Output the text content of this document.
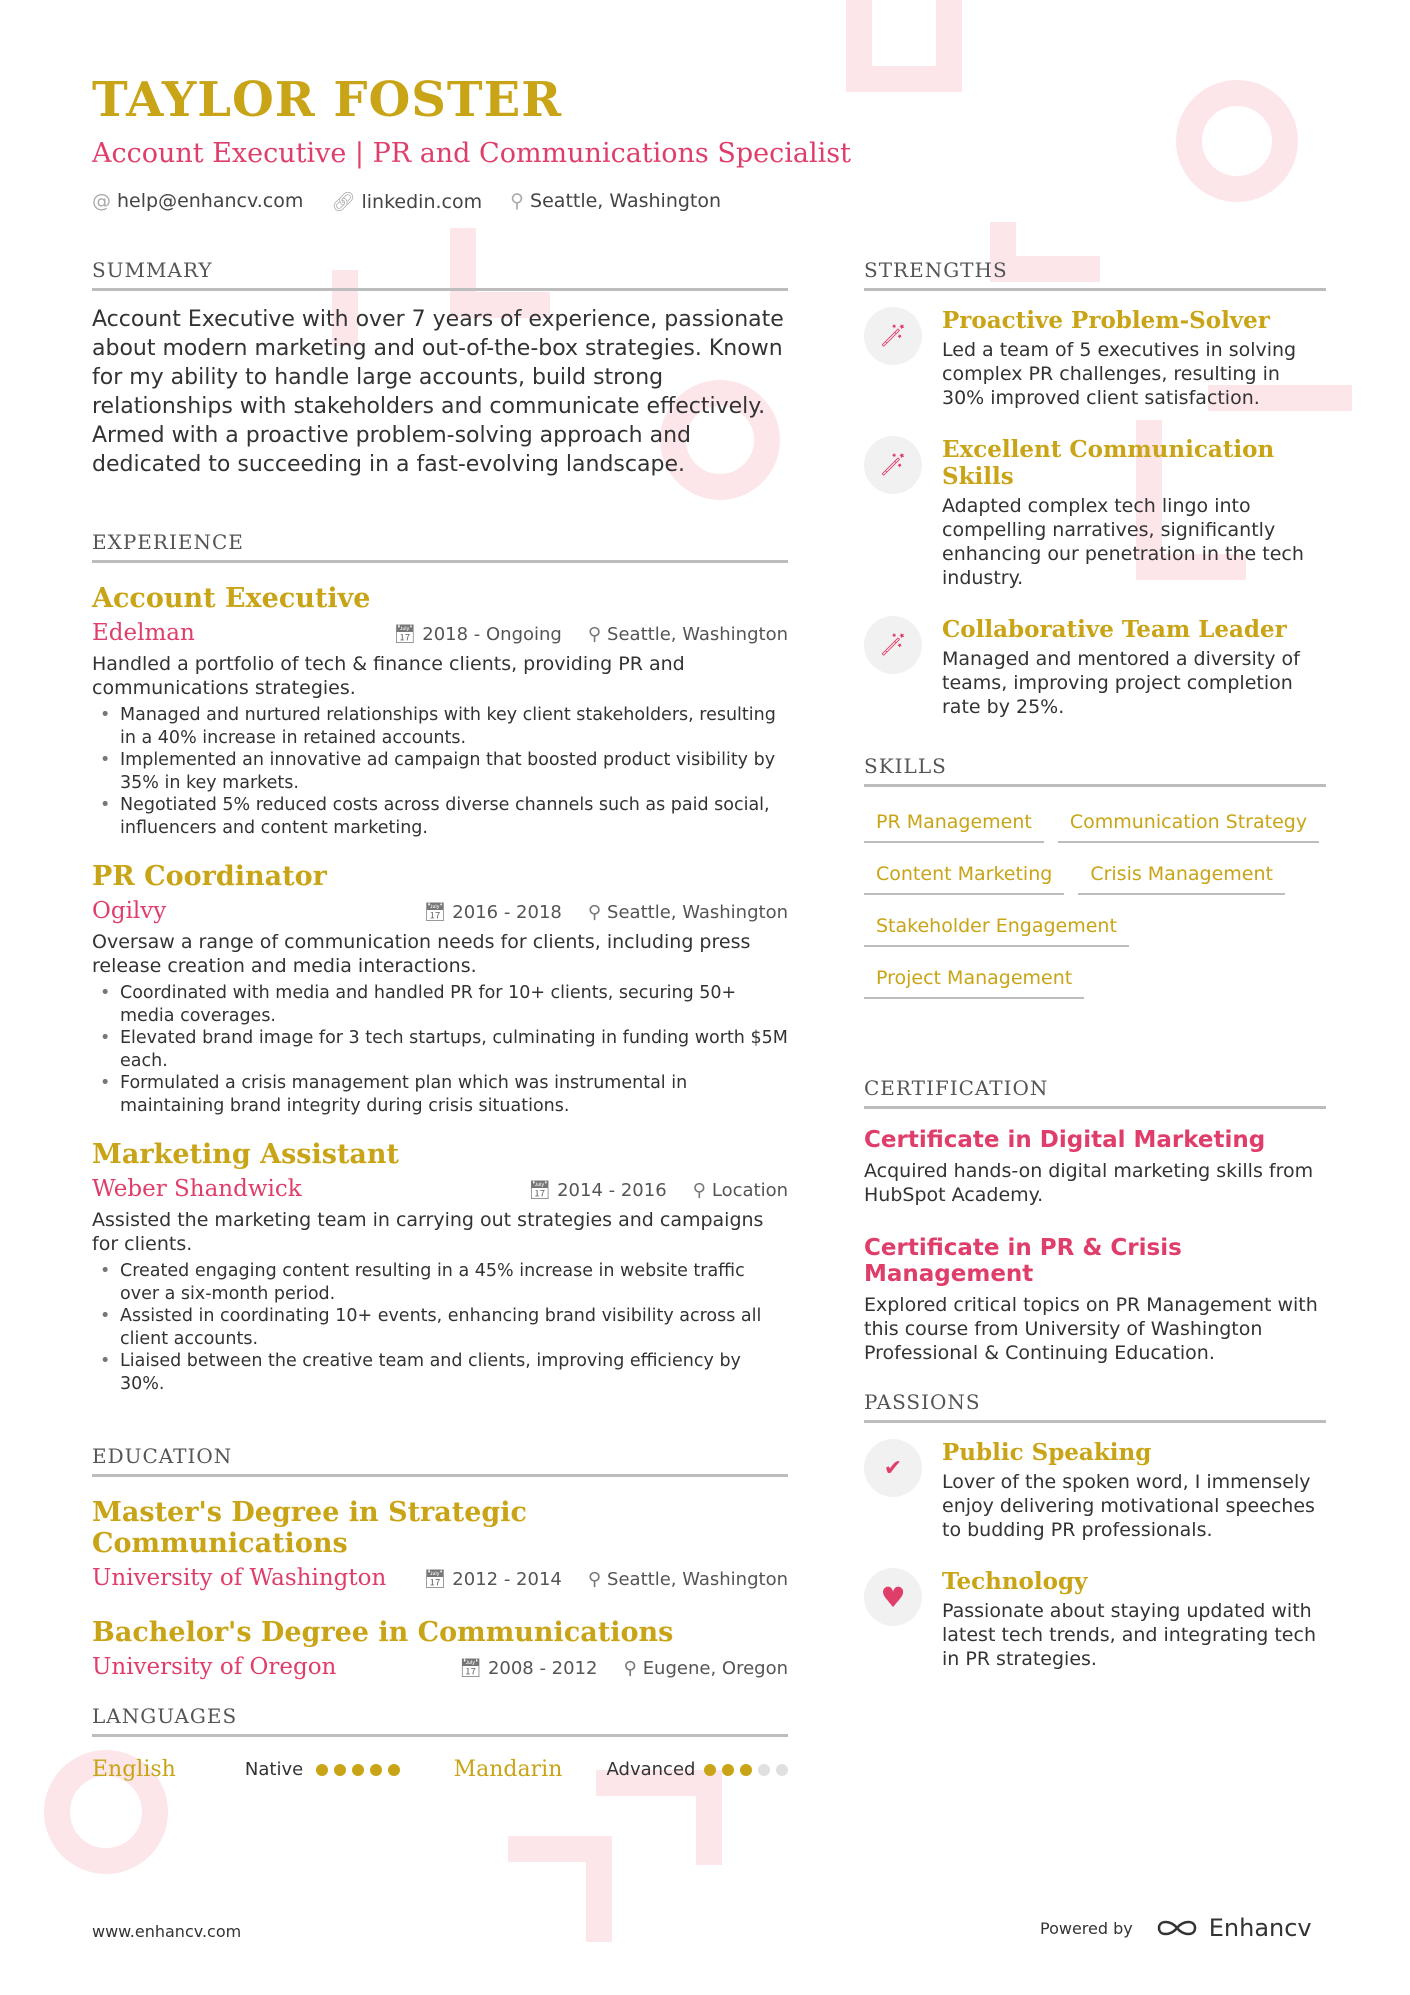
TAYLOR FOSTER

Account Executive | PR and Communications Specialist

@ help@enhancv.com 🔗︎ linkedin.com ⚲ Seattle, Washington
SUMMARY

Account Executive with over 7 years of experience, passionate about modern marketing and out-of-the-box strategies. Known for my ability to handle large accounts, build strong relationships with stakeholders and communicate effectively. Armed with a proactive problem-solving approach and dedicated to succeeding in a fast-evolving landscape.

EXPERIENCE
Account Executive
Edelman	📅︎ 2018 - Ongoing ⚲ Seattle, Washington

Handled a portfolio of tech & finance clients, providing PR and communications strategies.

• Managed and nurtured relationships with key client stakeholders, resulting in a 40% increase in retained accounts.
• Implemented an innovative ad campaign that boosted product visibility by 35% in key markets.
• Negotiated 5% reduced costs across diverse channels such as paid social, influencers and content marketing.
PR Coordinator
Ogilvy	📅︎ 2016 - 2018 ⚲ Seattle, Washington

Oversaw a range of communication needs for clients, including press release creation and media interactions.

• Coordinated with media and handled PR for 10+ clients, securing 50+ media coverages.
• Elevated brand image for 3 tech startups, culminating in funding worth $5M each.
• Formulated a crisis management plan which was instrumental in maintaining brand integrity during crisis situations.
Marketing Assistant
Weber Shandwick	📅︎ 2014 - 2016 ⚲ Location

Assisted the marketing team in carrying out strategies and campaigns for clients.

• Created engaging content resulting in a 45% increase in website traffic over a six-month period.
• Assisted in coordinating 10+ events, enhancing brand visibility across all client accounts.
• Liaised between the creative team and clients, improving efficiency by 30%.
EDUCATION
Master's Degree in Strategic Communications
University of Washington 📅︎ 2012 - 2014 ⚲ Seattle, Washington
Bachelor's Degree in Communications
University of Oregon	📅︎ 2008 - 2012 ⚲ Eugene, Oregon
LANGUAGES
English	Native	Mandarin	Advanced
STRENGTHS
🪄︎
Proactive Problem-Solver

Led a team of 5 executives in solving complex PR challenges, resulting in 30% improved client satisfaction.

🪄︎
Excellent Communication Skills

Adapted complex tech lingo into compelling narratives, significantly enhancing our penetration in the tech industry.

🪄︎
Collaborative Team Leader

Managed and mentored a diversity of teams, improving project completion rate by 25%.

SKILLS
PR Management	Communication Strategy
Content Marketing	Crisis Management
Stakeholder Engagement
Project Management
CERTIFICATION
Certificate in Digital Marketing

Acquired hands-on digital marketing skills from HubSpot Academy.

Certificate in PR & Crisis Management

Explored critical topics on PR Management with this course from University of Washington Professional & Continuing Education.

PASSIONS
✔
Public Speaking

Lover of the spoken word, I immensely enjoy delivering motivational speeches to budding PR professionals.

♥ Technology

Passionate about staying updated with latest tech trends, and integrating tech in PR strategies.

www.enhancv.com	Powered by	Enhancv
